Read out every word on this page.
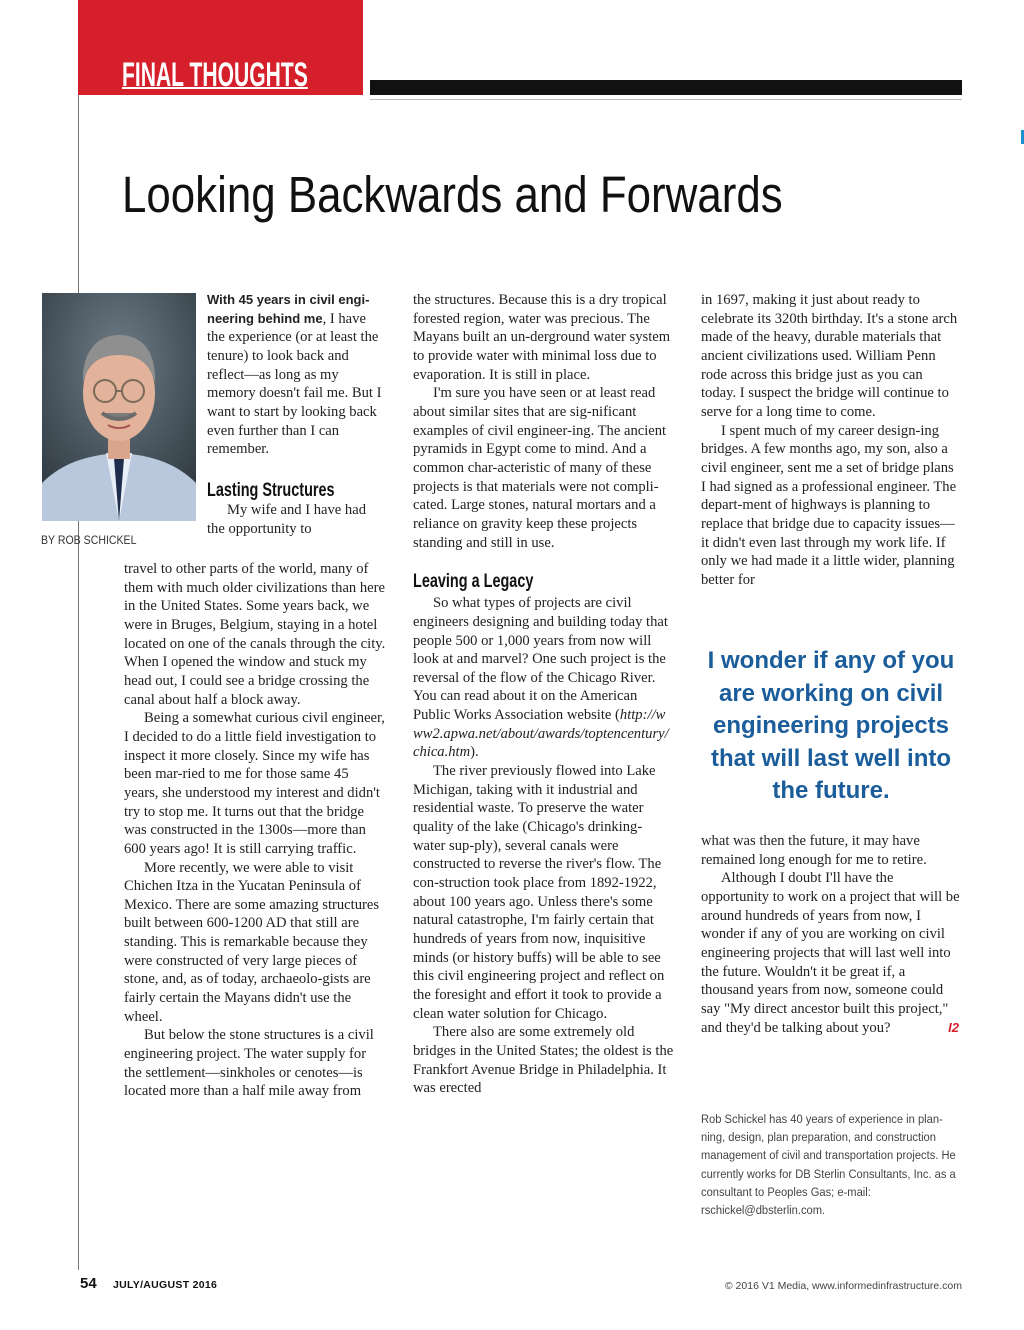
FINAL THOUGHTS
Looking Backwards and Forwards
BY ROB SCHICKEL

With 45 years in civil engi-neering behind me, I have the experience (or at least the tenure) to look back and reflect—as long as my memory doesn't fail me. But I want to start by looking back even further than I can remember.

Lasting Structures

My wife and I have had the opportunity to

travel to other parts of the world, many of them with much older civilizations than here in the United States. Some years back, we were in Bruges, Belgium, staying in a hotel located on one of the canals through the city. When I opened the window and stuck my head out, I could see a bridge crossing the canal about half a block away.

Being a somewhat curious civil engineer, I decided to do a little field investigation to inspect it more closely. Since my wife has been mar-ried to me for those same 45 years, she understood my interest and didn't try to stop me. It turns out that the bridge was constructed in the 1300s—more than 600 years ago! It is still carrying traffic.

More recently, we were able to visit Chichen Itza in the Yucatan Peninsula of Mexico. There are some amazing structures built between 600-1200 AD that still are standing. This is remarkable because they were constructed of very large pieces of stone, and, as of today, archaeolo-gists are fairly certain the Mayans didn't use the wheel.

But below the stone structures is a civil engineering project. The water supply for the settlement—sinkholes or cenotes—is located more than a half mile away from

the structures. Because this is a dry tropical forested region, water was precious. The Mayans built an un-derground water system to provide water with minimal loss due to evaporation. It is still in place.

I'm sure you have seen or at least read about similar sites that are sig-nificant examples of civil engineer-ing. The ancient pyramids in Egypt come to mind. And a common char-acteristic of many of these projects is that materials were not compli-cated. Large stones, natural mortars and a reliance on gravity keep these projects standing and still in use.

Leaving a Legacy

So what types of projects are civil engineers designing and building today that people 500 or 1,000 years from now will look at and marvel? One such project is the reversal of the flow of the Chicago River. You can read about it on the American Public Works Association website (http://www2.apwa.net/about/awards/toptencentury/chica.htm).

The river previously flowed into Lake Michigan, taking with it industrial and residential waste. To preserve the water quality of the lake (Chicago's drinking-water sup-ply), several canals were constructed to reverse the river's flow. The con-struction took place from 1892-1922, about 100 years ago. Unless there's some natural catastrophe, I'm fairly certain that hundreds of years from now, inquisitive minds (or history buffs) will be able to see this civil engineering project and reflect on the foresight and effort it took to provide a clean water solution for Chicago.

There also are some extremely old bridges in the United States; the oldest is the Frankfort Avenue Bridge in Philadelphia. It was erected

in 1697, making it just about ready to celebrate its 320th birthday. It's a stone arch made of the heavy, durable materials that ancient civilizations used. William Penn rode across this bridge just as you can today. I suspect the bridge will continue to serve for a long time to come.

I spent much of my career design-ing bridges. A few months ago, my son, also a civil engineer, sent me a set of bridge plans I had signed as a professional engineer. The depart-ment of highways is planning to replace that bridge due to capacity issues—it didn't even last through my work life. If only we had made it a little wider, planning better for

I wonder if any of you are working on civil engineering projects that will last well into the future.

what was then the future, it may have remained long enough for me to retire.

Although I doubt I'll have the opportunity to work on a project that will be around hundreds of years from now, I wonder if any of you are working on civil engineering projects that will last well into the future. Wouldn't it be great if, a thousand years from now, someone could say "My direct ancestor built this project," and they'd be talking about you?	I2

Rob Schickel has 40 years of experience in plan-ning, design, plan preparation, and construction management of civil and transportation projects. He currently works for DB Sterlin Consultants, Inc. as a consultant to Peoples Gas; e-mail: rschickel@dbsterlin.com.
54 JULY/AUGUST 2016	© 2016 V1 Media, www.informedinfrastructure.com
